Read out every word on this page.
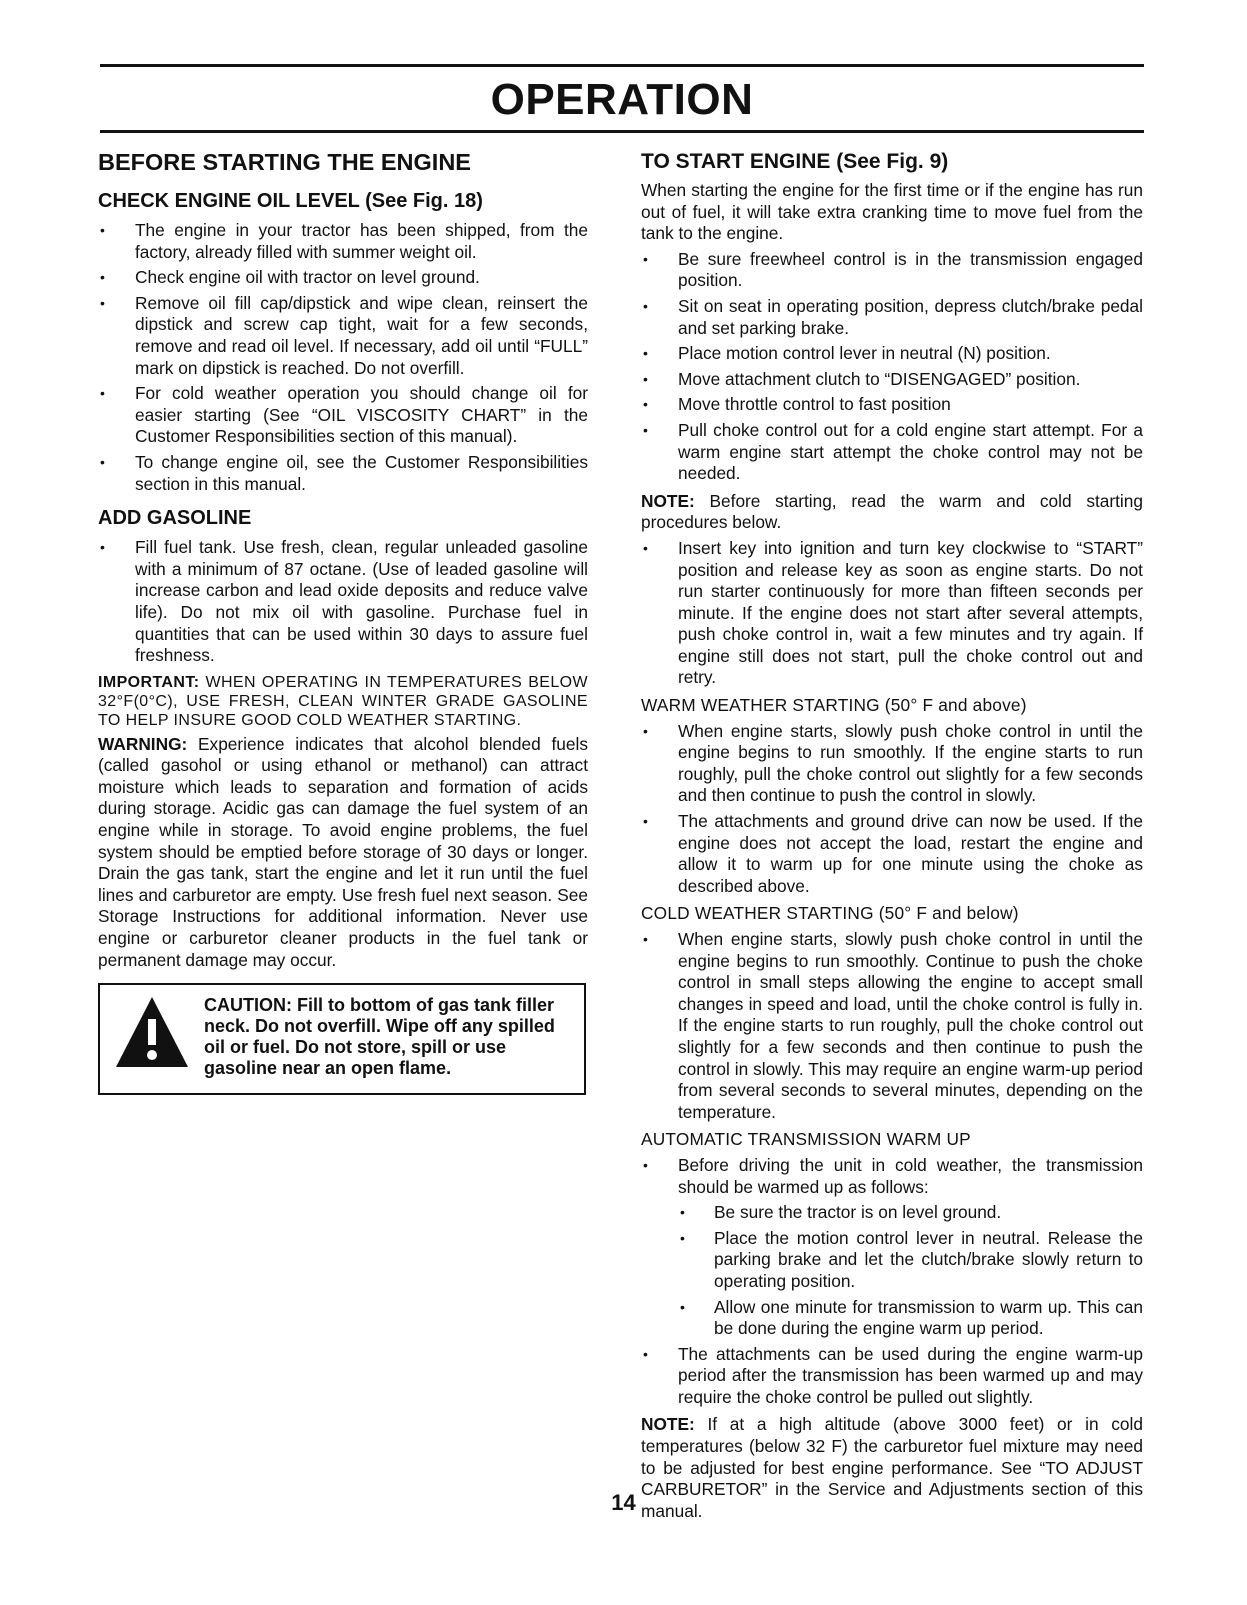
OPERATION
BEFORE STARTING THE ENGINE
CHECK ENGINE OIL LEVEL (See Fig. 18)
• The engine in your tractor has been shipped, from the factory, already filled with summer weight oil.
• Check engine oil with tractor on level ground.
• Remove oil fill cap/dipstick and wipe clean, reinsert the dipstick and screw cap tight, wait for a few seconds, remove and read oil level. If necessary, add oil until “FULL” mark on dipstick is reached. Do not overfill.
• For cold weather operation you should change oil for easier starting (See “OIL VISCOSITY CHART” in the Customer Responsibilities section of this manual).
• To change engine oil, see the Customer Responsibilities section in this manual.
ADD GASOLINE
• Fill fuel tank. Use fresh, clean, regular unleaded gasoline with a minimum of 87 octane. (Use of leaded gasoline will increase carbon and lead oxide deposits and reduce valve life). Do not mix oil with gasoline. Purchase fuel in quantities that can be used within 30 days to assure fuel freshness.

IMPORTANT: WHEN OPERATING IN TEMPERATURES BELOW 32°F(0°C), USE FRESH, CLEAN WINTER GRADE GASOLINE TO HELP INSURE GOOD COLD WEATHER STARTING.

WARNING: Experience indicates that alcohol blended fuels (called gasohol or using ethanol or methanol) can attract moisture which leads to separation and formation of acids during storage. Acidic gas can damage the fuel system of an engine while in storage. To avoid engine problems, the fuel system should be emptied before storage of 30 days or longer. Drain the gas tank, start the engine and let it run until the fuel lines and carburetor are empty. Use fresh fuel next season. See Storage Instructions for additional information. Never use engine or carburetor cleaner products in the fuel tank or permanent damage may occur.

CAUTION: Fill to bottom of gas tank filler neck. Do not overfill. Wipe off any spilled oil or fuel. Do not store, spill or use gasoline near an open flame.
TO START ENGINE (See Fig. 9)

When starting the engine for the first time or if the engine has run out of fuel, it will take extra cranking time to move fuel from the tank to the engine.

• Be sure freewheel control is in the transmission engaged position.
• Sit on seat in operating position, depress clutch/brake pedal and set parking brake.
• Place motion control lever in neutral (N) position.
• Move attachment clutch to “DISENGAGED” position.
• Move throttle control to fast position
• Pull choke control out for a cold engine start attempt. For a warm engine start attempt the choke control may not be needed.

NOTE: Before starting, read the warm and cold starting procedures below.

• Insert key into ignition and turn key clockwise to “START” position and release key as soon as engine starts. Do not run starter continuously for more than fifteen seconds per minute. If the engine does not start after several attempts, push choke control in, wait a few minutes and try again. If engine still does not start, pull the choke control out and retry.
WARM WEATHER STARTING (50° F and above)
• When engine starts, slowly push choke control in until the engine begins to run smoothly. If the engine starts to run roughly, pull the choke control out slightly for a few seconds and then continue to push the control in slowly.
• The attachments and ground drive can now be used. If the engine does not accept the load, restart the engine and allow it to warm up for one minute using the choke as described above.
COLD WEATHER STARTING (50° F and below)
• When engine starts, slowly push choke control in until the engine begins to run smoothly. Continue to push the choke control in small steps allowing the engine to accept small changes in speed and load, until the choke control is fully in. If the engine starts to run roughly, pull the choke control out slightly for a few seconds and then continue to push the control in slowly. This may require an engine warm-up period from several seconds to several minutes, depending on the temperature.
AUTOMATIC TRANSMISSION WARM UP
• Before driving the unit in cold weather, the transmission should be warmed up as follows:
• Be sure the tractor is on level ground.
• Place the motion control lever in neutral. Release the parking brake and let the clutch/brake slowly return to operating position.
• Allow one minute for transmission to warm up. This can be done during the engine warm up period.
• The attachments can be used during the engine warm-up period after the transmission has been warmed up and may require the choke control be pulled out slightly.

NOTE: If at a high altitude (above 3000 feet) or in cold temperatures (below 32 F) the carburetor fuel mixture may need to be adjusted for best engine performance. See “TO ADJUST CARBURETOR” in the Service and Adjustments section of this manual.

14
